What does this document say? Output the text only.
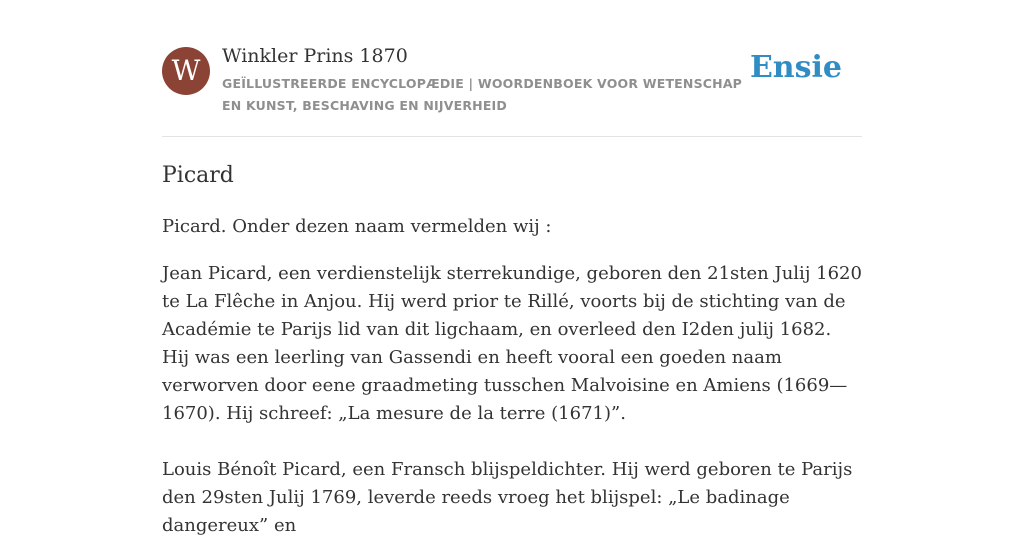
W	Winkler Prins 1870
GEÏLLUSTREERDE ENCYCLOPÆDIE | WOORDENBOEK VOOR WETENSCHAP EN KUNST, BESCHAVING EN NIJVERHEID
Ensie
Picard

Picard. Onder dezen naam vermelden wij :

Jean Picard, een verdienstelijk sterrekundige, geboren den 21sten Julij 1620 te La Flêche in Anjou. Hij werd prior te Rillé, voorts bij de stichting van de Académie te Parijs lid van dit ligchaam, en overleed den I2den julij 1682. Hij was een leerling van Gassendi en heeft vooral een goeden naam verworven door eene graadmeting tusschen Malvoisine en Amiens (1669—1670). Hij schreef: „La mesure de la terre (1671)”.

Louis Bénoît Picard, een Fransch blijspeldichter. Hij werd geboren te Parijs den 29sten Julij 1769, leverde reeds vroeg het blijspel: „Le badinage dangereux” en
